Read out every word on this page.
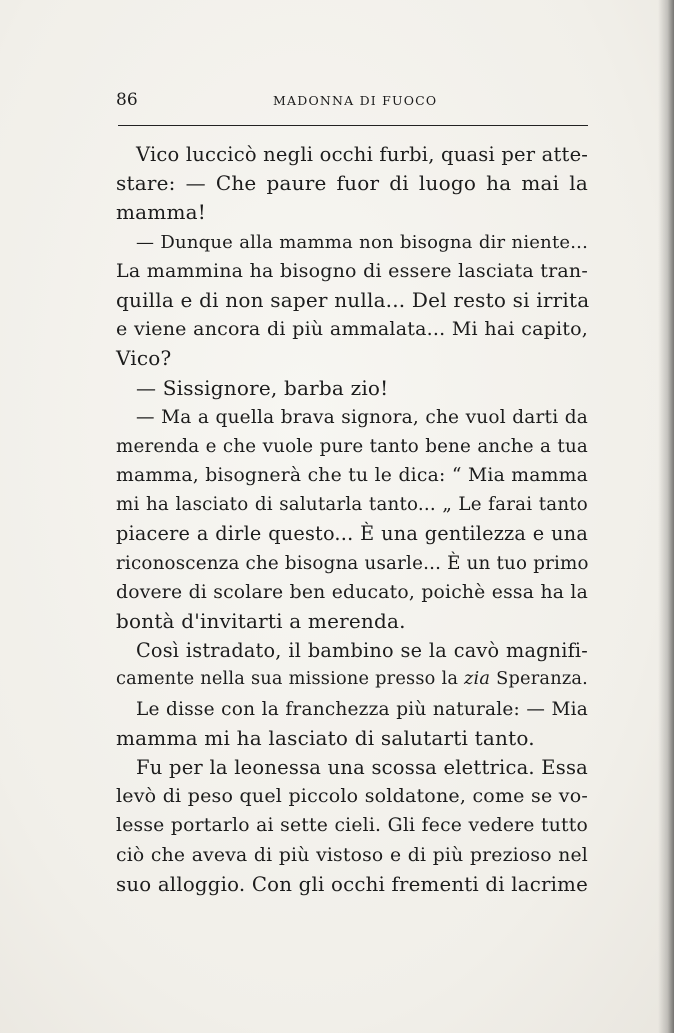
86	MADONNA DI FUOCO
Vico luccicò negli occhi furbi, quasi per atte-
stare: — Che paure fuor di luogo ha mai la
mamma!
— Dunque alla mamma non bisogna dir niente...
La mammina ha bisogno di essere lasciata tran-
quilla e di non saper nulla... Del resto si irrita
e viene ancora di più ammalata... Mi hai capito,
Vico?
— Sissignore, barba zio!
— Ma a quella brava signora, che vuol darti da
merenda e che vuole pure tanto bene anche a tua
mamma, bisognerà che tu le dica: “ Mia mamma
mi ha lasciato di salutarla tanto... „ Le farai tanto
piacere a dirle questo... È una gentilezza e una
riconoscenza che bisogna usarle... È un tuo primo
dovere di scolare ben educato, poichè essa ha la
bontà d'invitarti a merenda.
Così istradato, il bambino se la cavò magnifi-
camente nella sua missione presso la zia Speranza.
Le disse con la franchezza più naturale: — Mia
mamma mi ha lasciato di salutarti tanto.
Fu per la leonessa una scossa elettrica. Essa
levò di peso quel piccolo soldatone, come se vo-
lesse portarlo ai sette cieli. Gli fece vedere tutto
ciò che aveva di più vistoso e di più prezioso nel
suo alloggio. Con gli occhi frementi di lacrime
